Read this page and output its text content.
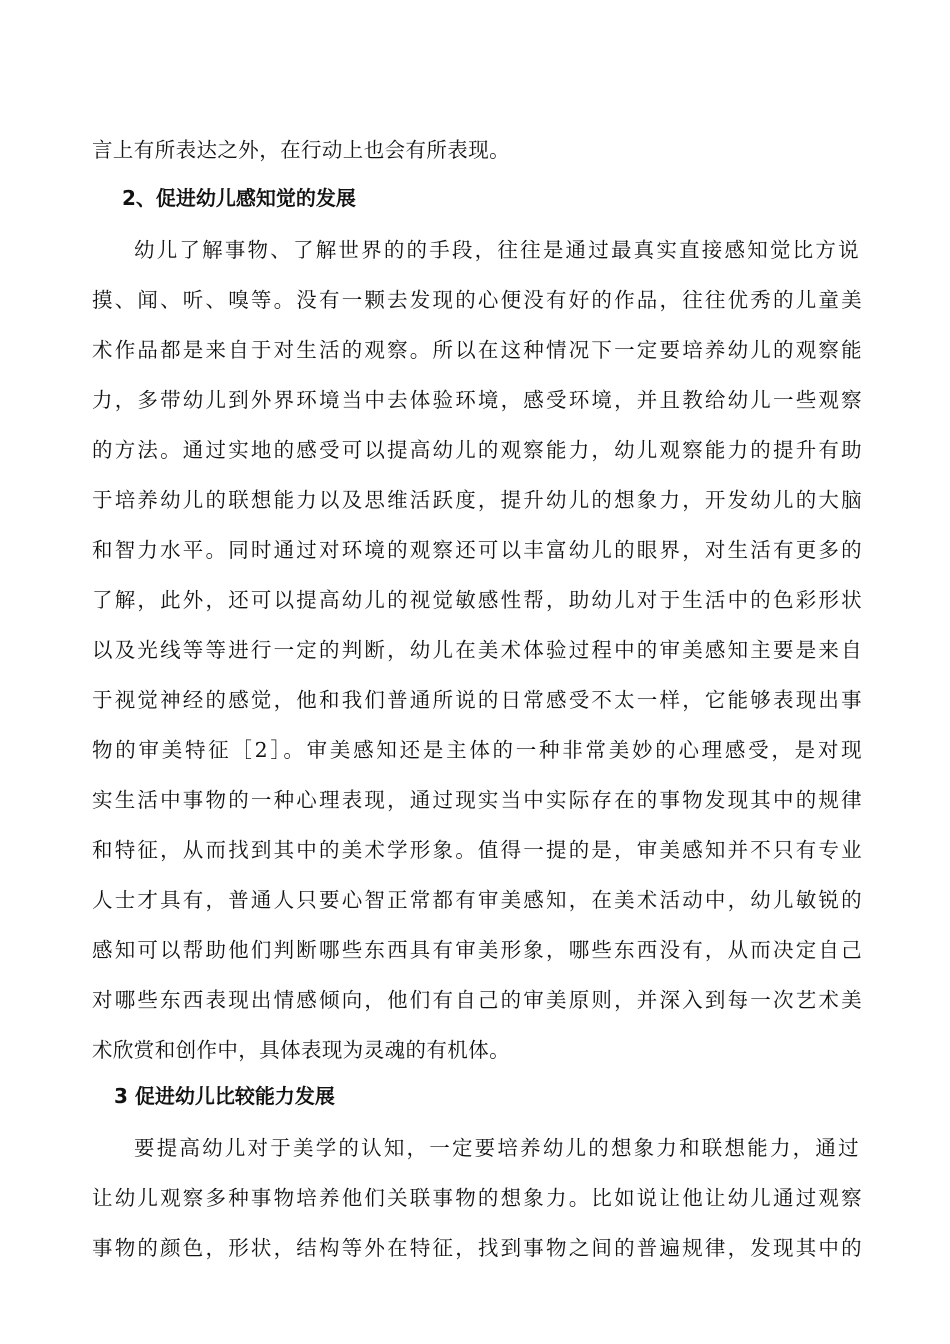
言上有所表达之外，在行动上也会有所表现。
2、促进幼儿感知觉的发展
幼儿了解事物、了解世界的的手段，往往是通过最真实直接感知觉比方说
摸、闻、听、嗅等。没有一颗去发现的心便没有好的作品，往往优秀的儿童美
术作品都是来自于对生活的观察。所以在这种情况下一定要培养幼儿的观察能
力，多带幼儿到外界环境当中去体验环境，感受环境，并且教给幼儿一些观察
的方法。通过实地的感受可以提高幼儿的观察能力，幼儿观察能力的提升有助
于培养幼儿的联想能力以及思维活跃度，提升幼儿的想象力，开发幼儿的大脑
和智力水平。同时通过对环境的观察还可以丰富幼儿的眼界，对生活有更多的
了解，此外，还可以提高幼儿的视觉敏感性帮，助幼儿对于生活中的色彩形状
以及光线等等进行一定的判断，幼儿在美术体验过程中的审美感知主要是来自
于视觉神经的感觉，他和我们普通所说的日常感受不太一样，它能够表现出事
物的审美特征［2］。审美感知还是主体的一种非常美妙的心理感受，是对现
实生活中事物的一种心理表现，通过现实当中实际存在的事物发现其中的规律
和特征，从而找到其中的美术学形象。值得一提的是，审美感知并不只有专业
人士才具有，普通人只要心智正常都有审美感知，在美术活动中，幼儿敏锐的
感知可以帮助他们判断哪些东西具有审美形象，哪些东西没有，从而决定自己
对哪些东西表现出情感倾向，他们有自己的审美原则，并深入到每一次艺术美
术欣赏和创作中，具体表现为灵魂的有机体。
3 促进幼儿比较能力发展
要提高幼儿对于美学的认知，一定要培养幼儿的想象力和联想能力，通过
让幼儿观察多种事物培养他们关联事物的想象力。比如说让他让幼儿通过观察
事物的颜色，形状，结构等外在特征，找到事物之间的普遍规律，发现其中的
